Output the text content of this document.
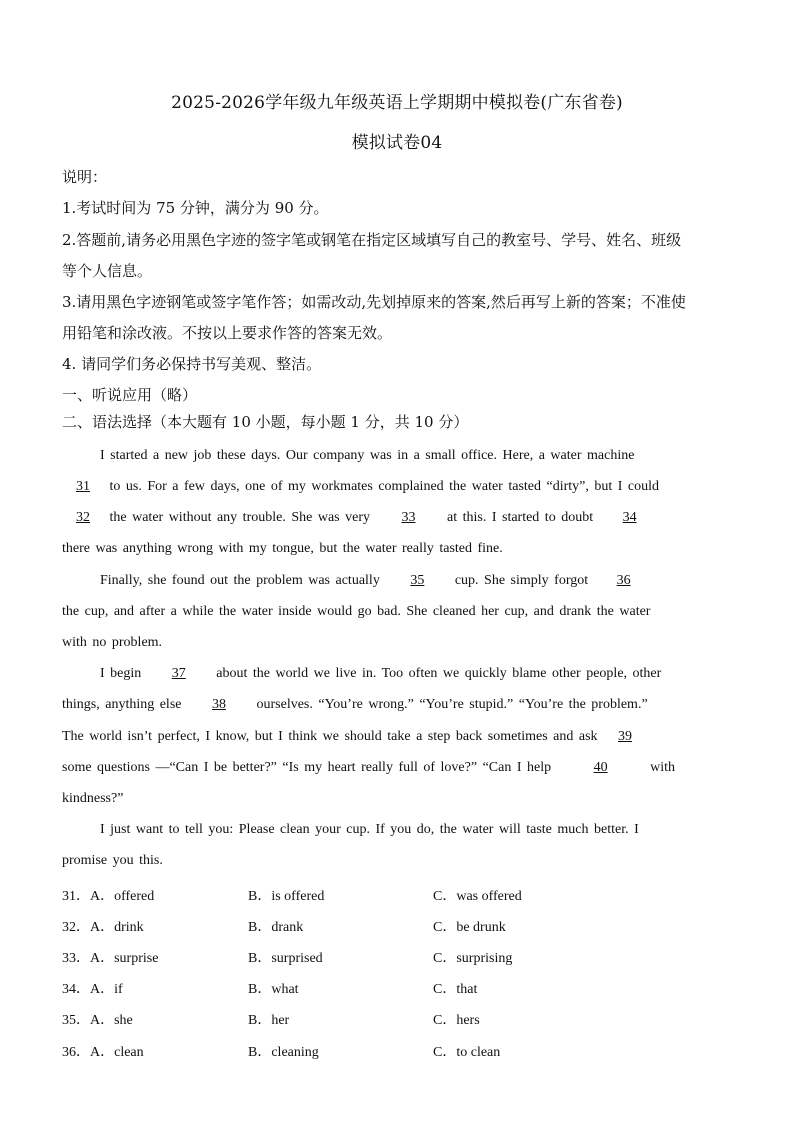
2025-2026学年级九年级英语上学期期中模拟卷(广东省卷)
模拟试卷04
说明：
1.考试时间为 75 分钟，满分为 90 分。
2.答题前,请务必用黑色字迹的签字笔或钢笔在指定区域填写自己的教室号、学号、姓名、班级
等个人信息。
3.请用黑色字迹钢笔或签字笔作答；如需改动,先划掉原来的答案,然后再写上新的答案；不准使
用铅笔和涂改液。不按以上要求作答的答案无效。
4. 请同学们务必保持书写美观、整洁。
一、听说应用（略）
二、语法选择（本大题有 10 小题，每小题 1 分，共 10 分）
I started a new job these days. Our company was in a small office. Here, a water machine
31 to us. For a few days, one of my workmates complained the water tasted “dirty”, but I could
32 the water without any trouble. She was very 33 at this. I started to doubt 34
there was anything wrong with my tongue, but the water really tasted fine.
Finally, she found out the problem was actually 35 cup. She simply forgot 36
the cup, and after a while the water inside would go bad. She cleaned her cup, and drank the water
with no problem.
I begin 37 about the world we live in. Too often we quickly blame other people, other
things, anything else 38 ourselves. “You’re wrong.” “You’re stupid.” “You’re the problem.”
The world isn’t perfect, I know, but I think we should take a step back sometimes and ask 39
some questions —“Can I be better?” “Is my heart really full of love?” “Can I help	40	with
kindness?”
I just want to tell you: Please clean your cup. If you do, the water will taste much better. I
promise you this.
31．A．offered	B．is offered	C．was offered
32．A．drink	B．drank	C．be drunk
33．A．surprise	B．surprised	C．surprising
34．A．if	B．what	C．that
35．A．she	B．her	C．hers
36．A．clean	B．cleaning	C．to clean
